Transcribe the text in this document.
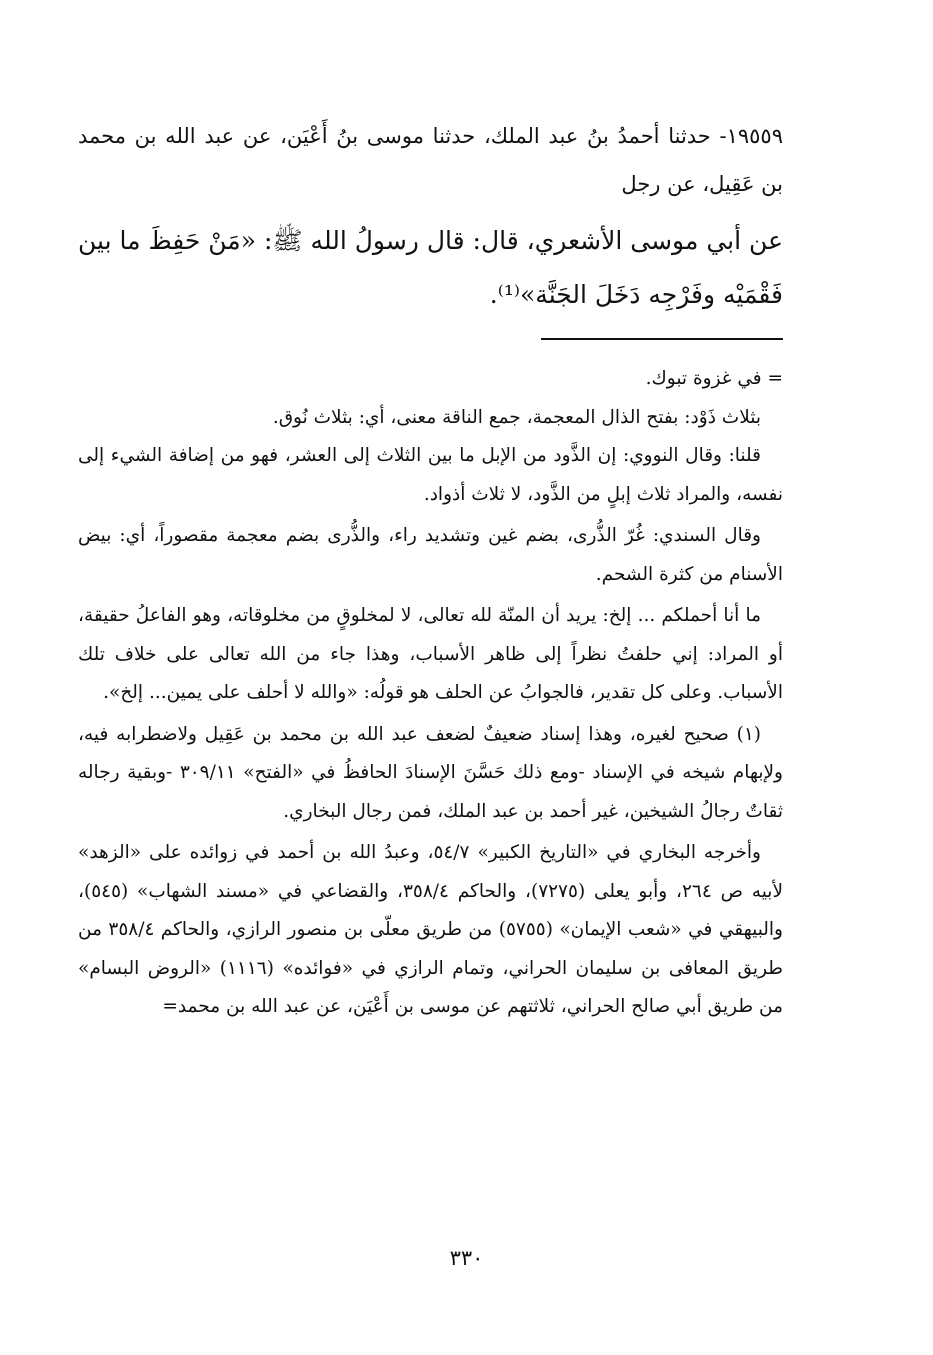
١٩٥٥٩- حدثنا أحمدُ بنُ عبد الملك، حدثنا موسى بنُ أَعْيَن، عن عبد الله بن محمد بن عَقِيل، عن رجل

عن أبي موسى الأشعري، قال: قال رسولُ الله ﷺ: «مَنْ حَفِظَ ما بين فَقْمَيْه وفَرْجِه دَخَلَ الجَنَّة»⁽¹⁾.

= في غزوة تبوك.

بثلاث ذَوْد: بفتح الذال المعجمة، جمع الناقة معنى، أي: بثلاث نُوق.

قلنا: وقال النووي: إن الذَّود من الإبل ما بين الثلاث إلى العشر، فهو من إضافة الشيء إلى نفسه، والمراد ثلاث إبلٍ من الذَّود، لا ثلاث أذواد.

وقال السندي: غُرّ الذُّرى، بضم غين وتشديد راء، والذُّرى بضم معجمة مقصوراً، أي: بيض الأسنام من كثرة الشحم.

ما أنا أحملكم ... إلخ: يريد أن المنّة لله تعالى، لا لمخلوقٍ من مخلوقاته، وهو الفاعلُ حقيقة، أو المراد: إني حلفتُ نظراً إلى ظاهر الأسباب، وهذا جاء من الله تعالى على خلاف تلك الأسباب. وعلى كل تقدير، فالجوابُ عن الحلف هو قولُه: «والله لا أحلف على يمين... إلخ».

(١) صحيح لغيره، وهذا إسناد ضعيفٌ لضعف عبد الله بن محمد بن عَقِيل ولاضطرابه فيه، ولإبهام شيخه في الإسناد -ومع ذلك حَسَّنَ الإسنادَ الحافظُ في «الفتح» ٣٠٩/١١ -وبقية رجاله ثقاتٌ رجالُ الشيخين، غير أحمد بن عبد الملك، فمن رجال البخاري.

وأخرجه البخاري في «التاريخ الكبير» ٥٤/٧، وعبدُ الله بن أحمد في زوائده على «الزهد» لأبيه ص ٢٦٤، وأبو يعلى (٧٢٧٥)، والحاكم ٣٥٨/٤، والقضاعي في «مسند الشهاب» (٥٤٥)، والبيهقي في «شعب الإيمان» (٥٧٥٥) من طريق معلّى بن منصور الرازي، والحاكم ٣٥٨/٤ من طريق المعافى بن سليمان الحراني، وتمام الرازي في «فوائده» (١١١٦) «الروض البسام» من طريق أبي صالح الحراني، ثلاثتهم عن موسى بن أَعْيَن، عن عبد الله بن محمد=

٣٣٠
